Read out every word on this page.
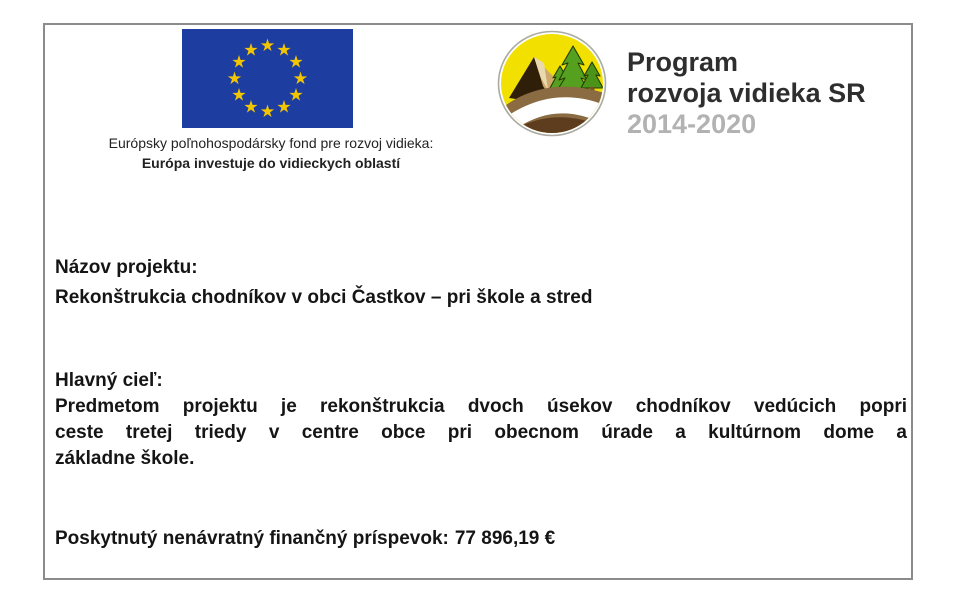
Európsky poľnohospodársky fond pre rozvoj vidieka:
Európa investuje do vidieckych oblastí
Program
rozvoja vidieka SR
2014-2020
Názov projektu:
Rekonštrukcia chodníkov v obci Častkov – pri škole a stred
Hlavný cieľ:
Predmetom projektu je rekonštrukcia dvoch úsekov chodníkov vedúcich popri
ceste tretej triedy v centre obce pri obecnom úrade a kultúrnom dome a
základne škole.
Poskytnutý nenávratný finančný príspevok: 77 896,19 €
